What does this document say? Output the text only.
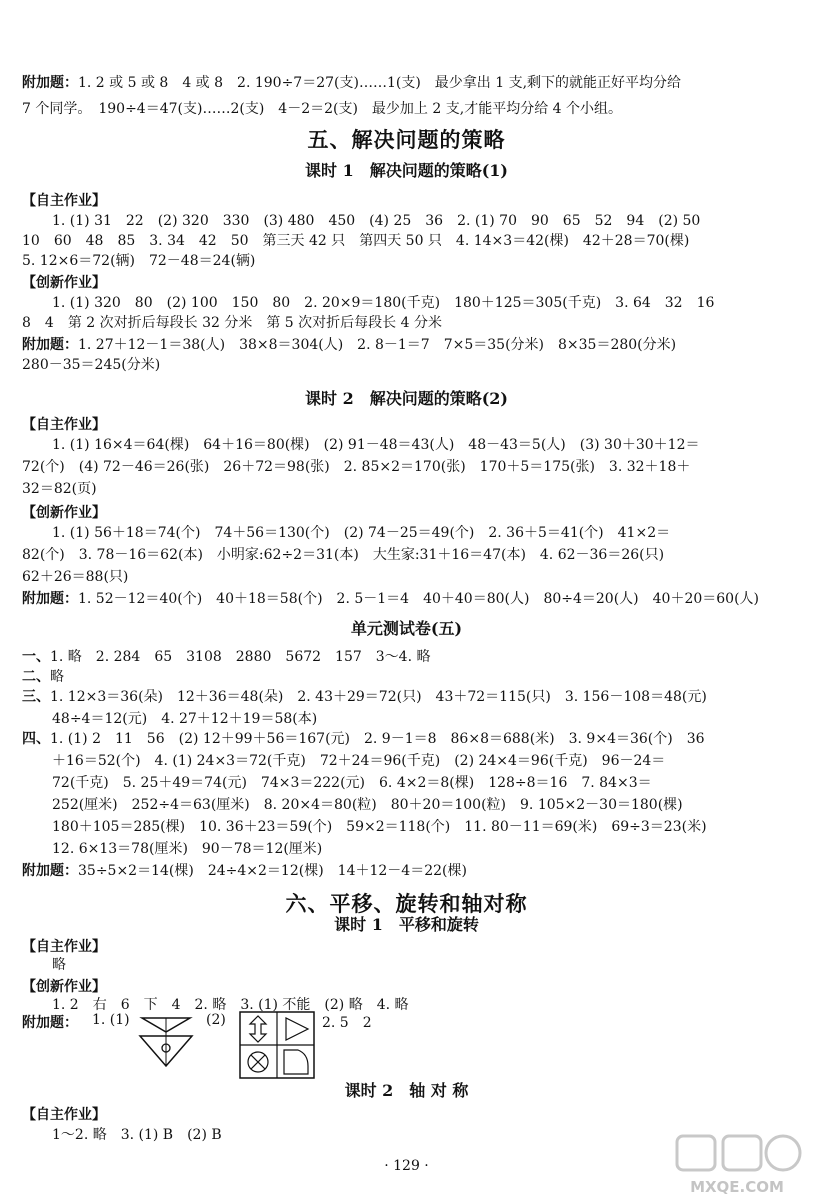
附加题：1. 2 或 5 或 8　4 或 8　2. 190÷7＝27(支)……1(支)　最少拿出 1 支,剩下的就能正好平均分给
7 个同学。　190÷4＝47(支)……2(支)　4－2＝2(支)　最少加上 2 支,才能平均分给 4 个小组。
五、解决问题的策略
课时 1　解决问题的策略(1)
【自主作业】
1. (1) 31　22　(2) 320　330　(3) 480　450　(4) 25　36　2. (1) 70　90　65　52　94　(2) 50
10　60　48　85　3. 34　42　50　第三天 42 只　第四天 50 只　4. 14×3＝42(棵)　42＋28＝70(棵)
5. 12×6＝72(辆)　72－48＝24(辆)
【创新作业】
1. (1) 320　80　(2) 100　150　80　2. 20×9＝180(千克)　180＋125＝305(千克)　3. 64　32　16
8　4　第 2 次对折后每段长 32 分米　第 5 次对折后每段长 4 分米
附加题：1. 27＋12－1＝38(人)　38×8＝304(人)　2. 8－1＝7　7×5＝35(分米)　8×35＝280(分米)
280－35＝245(分米)
课时 2　解决问题的策略(2)
【自主作业】
1. (1) 16×4＝64(棵)　64＋16＝80(棵)　(2) 91－48＝43(人)　48－43＝5(人)　(3) 30＋30＋12＝
72(个)　(4) 72－46＝26(张)　26＋72＝98(张)　2. 85×2＝170(张)　170＋5＝175(张)　3. 32＋18＋
32＝82(页)
【创新作业】
1. (1) 56＋18＝74(个)　74＋56＝130(个)　(2) 74－25＝49(个)　2. 36＋5＝41(个)　41×2＝
82(个)　3. 78－16＝62(本)　小明家:62÷2＝31(本)　大生家:31＋16＝47(本)　4. 62－36＝26(只)
62＋26＝88(只)
附加题：1. 52－12＝40(个)　40＋18＝58(个)　2. 5－1＝4　40＋40＝80(人)　80÷4＝20(人)　40＋20＝60(人)
单元测试卷(五)
一、1. 略　2. 284　65　3108　2880　5672　157　3～4. 略
二、略
三、1. 12×3＝36(朵)　12＋36＝48(朵)　2. 43＋29＝72(只)　43＋72＝115(只)　3. 156－108＝48(元)
48÷4＝12(元)　4. 27＋12＋19＝58(本)
四、1. (1) 2　11　56　(2) 12＋99＋56＝167(元)　2. 9－1＝8　86×8＝688(米)　3. 9×4＝36(个)　36
＋16＝52(个)　4. (1) 24×3＝72(千克)　72＋24＝96(千克)　(2) 24×4＝96(千克)　96－24＝
72(千克)　5. 25＋49＝74(元)　74×3＝222(元)　6. 4×2＝8(棵)　128÷8＝16　7. 84×3＝
252(厘米)　252÷4＝63(厘米)　8. 20×4＝80(粒)　80＋20＝100(粒)　9. 105×2－30＝180(棵)
180＋105＝285(棵)　10. 36＋23＝59(个)　59×2＝118(个)　11. 80－11＝69(米)　69÷3＝23(米)
12. 6×13＝78(厘米)　90－78＝12(厘米)
附加题：35÷5×2＝14(棵)　24÷4×2＝12(棵)　14＋12－4＝22(棵)
六、平移、旋转和轴对称
课时 1　平移和旋转
【自主作业】
略
【创新作业】
1. 2　右　6　下　4　2. 略　3. (1) 不能　(2) 略　4. 略
附加题： 1. (1)	(2)	2. 5　2
课时 2　轴 对 称
【自主作业】
1～2. 略　3. (1) B　(2) B
· 129 ·
MXQE.COM
